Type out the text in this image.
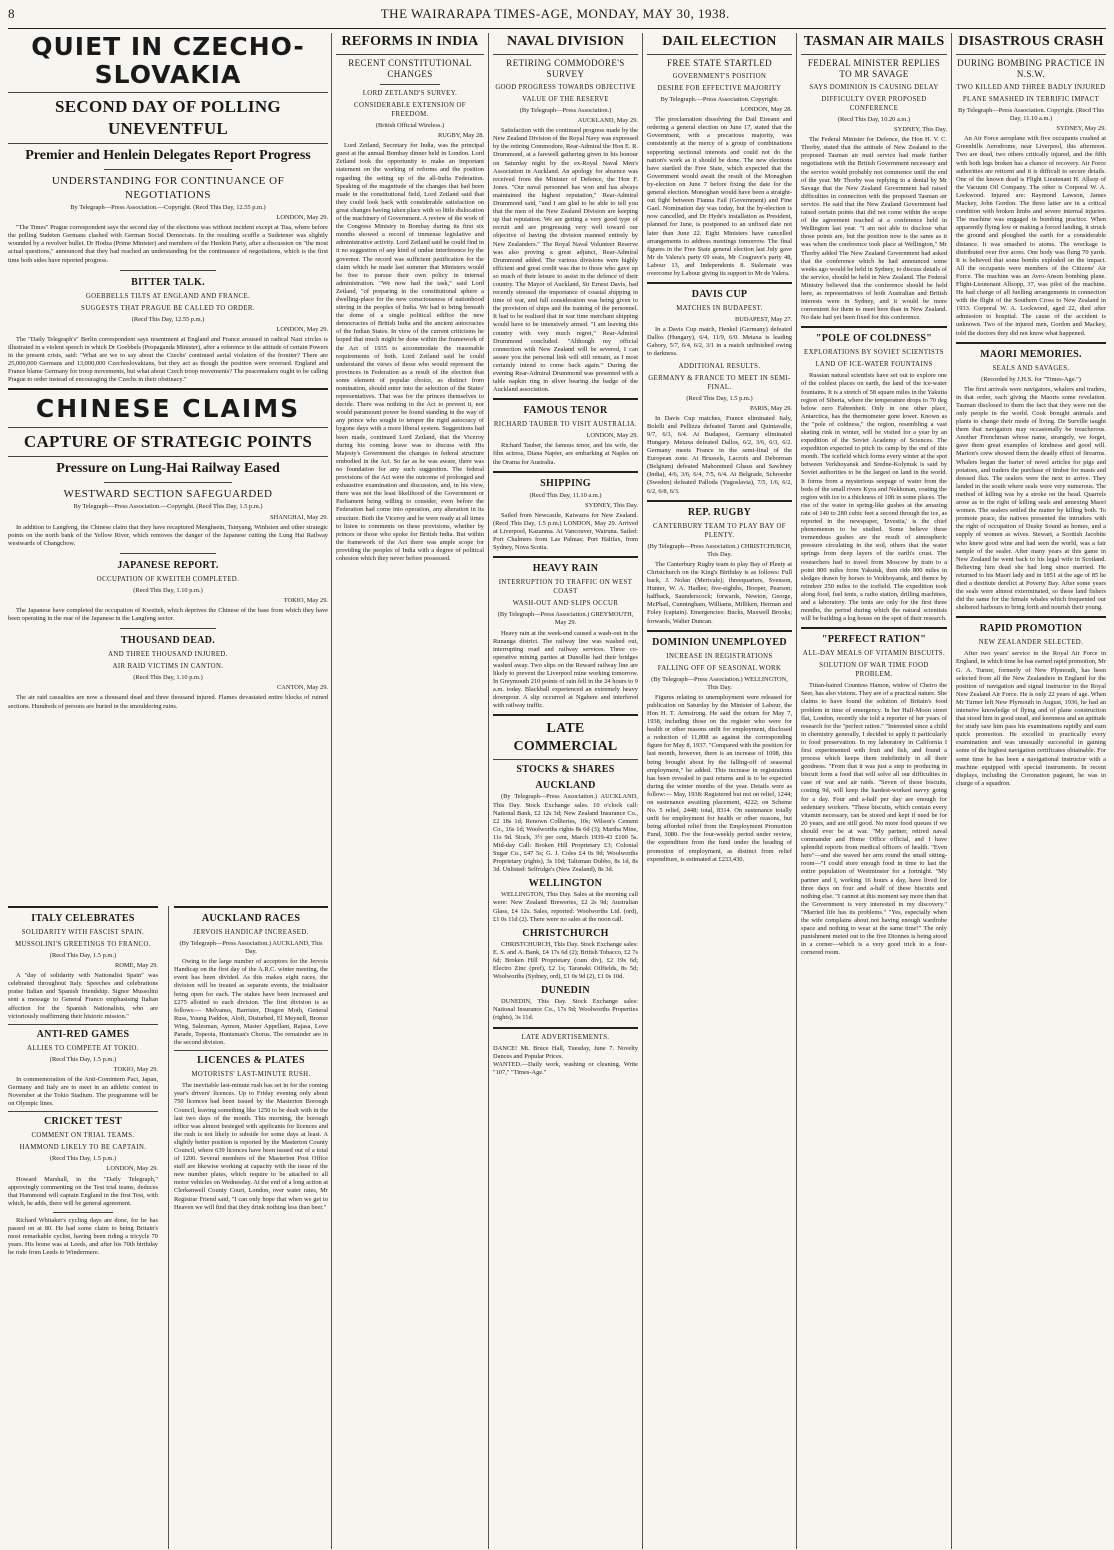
8	THE WAIRARAPA TIMES-AGE, MONDAY, MAY 30, 1938.
QUIET IN CZECHO-SLOVAKIA
SECOND DAY OF POLLING UNEVENTFUL
Premier and Henlein Delegates Report Progress
UNDERSTANDING FOR CONTINUANCE OF NEGOTIATIONS
By Telegraph—Press Association.—Copyright. (Recd This Day, 12.55 p.m.)
LONDON, May 29.

"The Times" Prague correspondent says the second day of the elections was without incident except at Tisa, where before the polling Sudeten Germans clashed with German Social Democrats. In the resulting scuffle a Sudetener was slightly wounded by a revolver bullet. Dr Hodza (Prime Minister) and members of the Henlein Party, after a discussion on "the most actual questions," announced that they had reached an understanding for the continuance of negotiations, which is the first time both sides have reported progress.

BITTER TALK.
GOEBBELLS TILTS AT ENGLAND AND FRANCE.
SUGGESTS THAT PRAGUE BE CALLED TO ORDER.
(Recd This Day, 12.55 p.m.)
LONDON, May 29.

The "Daily Telegraph's" Berlin correspondent says resentment at England and France aroused in radical Nazi circles is illustrated in a violent speech in which Dr Goebbels (Propaganda Minister), after a reference to the attitude of certain Powers in the present crisis, said: "What are we to say about the Czechs' continued aerial violation of the frontier? There are 25,000,000 Germans and 13,000,000 Czechoslovakians, but they act as though the position were reversed. England and France blame Germany for troop movements, but what about Czech troop movements? The peacemakers ought to be calling Prague to order instead of encouraging the Czechs in their obstinacy."

CHINESE CLAIMS
CAPTURE OF STRATEGIC POINTS
Pressure on Lung-Hai Railway Eased
WESTWARD SECTION SAFEGUARDED
By Telegraph—Press Association.—Copyright. (Recd This Day, 1.5 p.m.)
SHANGHAI, May 29.

In addition to Langfeng, the Chinese claim that they have recaptured Menghsein, Tsinyang, Winhsien and other strategic points on the north bank of the Yellow River, which removes the danger of the Japanese cutting the Lung Hai Railway westwards of Changchow.

JAPANESE REPORT.
OCCUPATION OF KWEITEH COMPLETED.
(Recd This Day, 1.10 p.m.)
TOKIO, May 29.

The Japanese have completed the occupation of Kweiteh, which deprives the Chinese of the base from which they have been operating in the rear of the Japanese in the Langfeng sector.

THOUSAND DEAD.
AND THREE THOUSAND INJURED.
AIR RAID VICTIMS IN CANTON.
(Recd This Day, 1.10 p.m.)
CANTON, May 29.

The air raid casualties are now a thousand dead and three thousand injured. Flames devastated entire blocks of ruined sections. Hundreds of persons are buried in the smouldering ruins.

ITALY CELEBRATES
SOLIDARITY WITH FASCIST SPAIN.
MUSSOLINI'S GREETINGS TO FRANCO.
(Recd This Day, 1.5 p.m.)
ROME, May 29.

A "day of solidarity with Nationalist Spain" was celebrated throughout Italy. Speeches and celebrations praise Italian and Spanish friendship. Signor Mussolini sent a message to General Franco emphasising Italian affection for the Spanish Nationalists, who are victoriously reaffirming their historic mission."

ANTI-RED GAMES
ALLIES TO COMPETE AT TOKIO.
(Recd This Day, 1.5 p.m.)
TOKIO, May 29.

In commemoration of the Anti-Comintern Pact, Japan, Germany and Italy are to meet in an athletic contest in November at the Tokio Stadium. The programme will be on Olympic lines.

CRICKET TEST
COMMENT ON TRIAL TEAMS.
HAMMOND LIKELY TO BE CAPTAIN.
(Recd This Day, 1.5 p.m.)
LONDON, May 29.

Howard Marshall, in the "Daily Telegraph," approvingly commenting on the Test trial teams, deduces that Hammond will captain England in the first Test, with which, he adds, there will be general agreement.

Richard Whitaker's cycling days are done, for he has passed on at 80. He had some claim to being Britain's most remarkable cyclist, having been riding a tricycle 70 years. His home was at Leeds, and after his 70th birthday he rode from Leeds to Windermere.

AUCKLAND RACES
JERVOIS HANDICAP INCREASED.
(By Telegraph—Press Association.) AUCKLAND, This Day.

Owing to the large number of acceptors for the Jervois Handicap on the first day of the A.R.C. winter meeting, the event has been divided. As this makes eight races, the division will be treated as separate events, the totalisator being open for each. The stakes have been increased and £275 allotted to each division. The first division is as follows:— Melvanus, Barrister, Dragon Moth, General Russ, Young Paddon, Aloft, Disturbed, El Meynell, Bronze Wing, Salesman, Aymon, Master Appellant, Rajasa, Love Parade, Topeota, Huntsman's Chorus. The remainder are in the second division.

LICENCES & PLATES
MOTORISTS' LAST-MINUTE RUSH.

The inevitable last-minute rush has set in for the coming year's drivers' licences. Up to Friday evening only about 750 licences had been issued by the Masterton Borough Council, leaving something like 1250 to be dealt with in the last two days of the month. This morning, the borough office was almost besieged with applicants for licences and the rush is not likely to subside for some days at least. A slightly better position is reported by the Masterton County Council, where 639 licences have been issued out of a total of 1200. Several members of the Masterton Post Office staff are likewise working at capacity with the issue of the new number plates, which require to be attached to all motor vehicles on Wednesday. At the end of a long action at Clerkenwell County Court, London, over water rates, Mr Registrar Friend said, "I can only hope that when we get to Heaven we will find that they drink nothing less than beer."

REFORMS IN INDIA
RECENT CONSTITUTIONAL CHANGES
LORD ZETLAND'S SURVEY.
CONSIDERABLE EXTENSION OF FREEDOM.
(British Official Wireless.)
RUGBY, May 28.

Lord Zetland, Secretary for India, was the principal guest at the annual Bombay dinner held in London. Lord Zetland took the opportunity to make an important statement on the working of reforms and the position regarding the setting up of the all-India Federation. Speaking of the magnitude of the changes that had been made in the constitutional field, Lord Zetland said that they could look back with considerable satisfaction on great changes having taken place with so little dislocation of the machinery of Government. A review of the work of the Congress Ministry in Bombay during its first six months showed a record of immense legislative and administrative activity. Lord Zetland said he could find in it no suggestion of any kind of undue interference by the governor. The record was sufficient justification for the claim which he made last summer that Ministers would be free to pursue their own policy in internal administration. "We now had the task," said Lord Zetland, "of preparing in the constitutional sphere a dwelling-place for the new consciousness of nationhood stirring in the peoples of India. We had to bring beneath the dome of a single political edifice the new democracies of British India and the ancient autocracies of the Indian States. In view of the current criticisms he hoped that much might be done within the framework of the Act of 1935 to accommodate the reasonable requirements of both. Lord Zetland said he could understand the views of those who would represent the provinces in Federation as a result of the election that some element of popular choice, as distinct from nomination, should enter into the selection of the States' representatives. That was for the princes themselves to decide. There was nothing in the Act to prevent it, nor would paramount power be found standing in the way of any prince who sought to temper the rigid autocracy of bygone days with a more liberal system. Suggestions had been made, continued Lord Zetland, that the Viceroy during his coming leave was to discuss with His Majesty's Government the changes in federal structure embodied in the Act. So far as he was aware, there was no foundation for any such suggestion. The federal provisions of the Act were the outcome of prolonged and exhaustive examination and discussion, and, in his view, there was not the least likelihood of the Government or Parliament being willing to consider, even before the Federation had come into operation, any alteration in its structure. Both the Viceroy and he were ready at all times to listen to comments on these provisions, whether by princes or those who spoke for British India. But within the framework of the Act there was ample scope for providing the peoples of India with a degree of political cohesion which they never before possessed.

NAVAL DIVISION
RETIRING COMMODORE'S SURVEY
GOOD PROGRESS TOWARDS OBJECTIVE
VALUE OF THE RESERVE
(By Telegraph—Press Association.)
AUCKLAND, May 29.

Satisfaction with the continued progress made by the New Zealand Division of the Royal Navy was expressed by the retiring Commodore, Rear-Admiral the Hon E. R. Drummond, at a farewell gathering given in his honour on Saturday night by the ex-Royal Naval Men's Association in Auckland. An apology for absence was received from the Minister of Defence, the Hon F. Jones. "Our naval personnel has won and has always maintained the highest reputation," Rear-Admiral Drummond said, "and I am glad to be able to tell you that the men of the New Zealand Division are keeping up that reputation. We are getting a very good type of recruit and are progressing very well toward our objective of having the division manned entirely by New Zealanders." The Royal Naval Volunteer Reserve was also proving a great adjunct, Rear-Admiral Drummond added. The various divisions were highly efficient and great credit was due to those who gave up so much of their leisure to assist in the defence of their country. The Mayor of Auckland, Sir Ernest Davis, had recently stressed the importance of coastal shipping in time of war, and full consideration was being given to the provision of ships and the training of the personnel. It had to be realised that in war time merchant shipping would have to be intensively armed. "I am leaving this country with very much regret," Rear-Admiral Drummond concluded. "Although my official connection with New Zealand will be severed, I can assure you the personal link will still remain, as I most certainly intend to come back again." During the evening Rear-Admiral Drummond was presented with a table napkin ring in silver bearing the badge of the Auckland association.

FAMOUS TENOR
RICHARD TAUBER TO VISIT AUSTRALIA.
LONDON, May 29.

Richard Tauber, the famous tenor, and his wife, the film actress, Diana Napier, are embarking at Naples on the Orama for Australia.

SHIPPING
(Recd This Day, 11.10 a.m.)
SYDNEY, This Day.

Sailed from Newcastle, Kaiwarra for New Zealand. (Recd This Day, 1.5 p.m.) LONDON, May 29. Arrived at Liverpool, Kazanma. At Vancouver, Wairuna. Sailed: Port Chalmers from Las Palmas; Port Halifax, from Sydney, Nova Scotia.

HEAVY RAIN
INTERRUPTION TO TRAFFIC ON WEST COAST
WASH-OUT AND SLIPS OCCUR
(By Telegraph—Press Association.) GREYMOUTH, May 29.

Heavy rain at the week-end caused a wash-out in the Runanga district. The railway line was washed out, interrupting road and railway services. Three co-operative mining parties at Dunollie had their bridges washed away. Two slips on the Reward railway line are likely to prevent the Liverpool mine working tomorrow. In Greymouth 210 points of rain fell in the 24 hours to 9 a.m. today. Blackball experienced an extremely heavy downpour. A slip occurred at Ngahere and interfered with railway traffic.

LATE COMMERCIAL
STOCKS & SHARES
AUCKLAND

(By Telegraph—Press Association.) AUCKLAND, This Day. Stock Exchange sales. 10 o'clock call: National Bank, £2 12s 3d; New Zealand Insurance Co., £2 18s 1d; Renown Collieries, 10s; Wilson's Cement Co., 16s 1d; Woolworths rights 8s 6d (3); Martha Mine, 11s 9d. Stock, 3½ per cent, March 1939-43 £100 5s. Mid-day Call: Broken Hill Proprietary £3; Colonial Sugar Co., £47 5s; G. J. Coles £4 0s 9d; Woolworths Proprietary (rights), 3s 10d; Talisman Dubbo, 8s 1d, 8s 3d. Unlisted: Selfridge's (New Zealand), 8s 3d.

WELLINGTON

WELLINGTON, This Day. Sales at the morning call were: New Zealand Breweries, £2 2s 9d; Australian Glass, £4 12s. Sales, reported: Woolworths Ltd. (ord), £1 0s 11d (2). There were no sales at the noon call.

CHRISTCHURCH

CHRISTCHURCH, This Day. Stock Exchange sales: E. S. and A. Bank, £4 17s 6d (2); British Tobacco, £2 7s 6d; Broken Hill Proprietary (cum div), £2 19s 6d; Electro Zinc (pref), £2 1s; Taranaki Oilfields, 8s 5d; Woolworths (Sydney, ord), £1 0s 9d (2), £1 0s 10d.

DUNEDIN

DUNEDIN, This Day. Stock Exchange sales: National Insurance Co., 17s 9d; Woolworths Properties (rights), 3s 11d.

LATE ADVERTISEMENTS.

DANCE! Mt. Bruce Hall, Tuesday, June 7. Novelty Dances and Popular Prices.

WANTED.—Daily work, washing or cleaning. Write "107," "Times-Age."

DAIL ELECTION
FREE STATE STARTLED
GOVERNMENT'S POSITION
DESIRE FOR EFFECTIVE MAJORITY
By Telegraph.—Press Association. Copyright.
LONDON, May 28.

The proclamation dissolving the Dail Eireann and ordering a general election on June 17, stated that the Government, with a precarious majority, was consistently at the mercy of a group of combinations supporting sectional interests and could not do the nation's work as it should be done. The new elections have startled the Free State, which expected that the Government would await the result of the Monaghan by-election on June 7 before fixing the date for the general election. Monoghan would have been a straight-out fight between Fianna Fail (Government) and Fine Gael. Nomination day was today, but the by-election is now cancelled, and Dr Hyde's installation as President, planned for June, is postponed to an unfixed date not later than June 22. Eight Ministers have cancelled arrangements to address meetings tomorrow. The final figures in the Free State general election last July gave Mr de Valera's party 69 seats, Mr Cosgrave's party 48, Labour 13, and Independents 8. Stalemate was overcome by Labour giving its support to Mr de Valera.

DAVIS CUP
MATCHES IN BUDAPEST.
BUDAPEST, May 27.

In a Davis Cup match, Henkel (Germany) defeated Dallos (Hungary), 6/4, 11/9, 6/0. Metaxa is leading Gabory, 5/7, 6/4, 6/2, 3/1 in a match unfinished owing to darkness.

ADDITIONAL RESULTS.
GERMANY & FRANCE TO MEET IN SEMI-FINAL.
(Recd This Day, 1.5 p.m.)
PARIS, May 29.

In Davis Cup matches, France eliminated Italy, Bolelli and Pellizza defeated Taroni and Quintavalle, 9/7, 6/3, 6/4. At Budapest, Germany eliminated Hungary. Metaxa defeated Dallos, 6/2, 3/6, 6/3, 6/2. Germany meets France in the semi-final of the European zone. At Brussels, Lacroix and Deborman (Belgium) defeated Mahommed Ghaus and Sawhney (India), 4/6, 3/6, 6/4, 7/5, 6/4. At Belgrade, Schroeder (Sweden) defeated Palloda (Yugoslavia), 7/5, 1/6, 6/2, 6/2, 6/8, 6/3.

REP. RUGBY
CANTERBURY TEAM TO PLAY BAY OF PLENTY.
(By Telegraph—Press Association.) CHRISTCHURCH, This Day.

The Canterbury Rugby team to play Bay of Plenty at Christchurch on the King's Birthday is as follows: Full back, J. Nolan (Merivale); threequarters, Svenson, Hunter, W. A. Hadlee; five-eighths, Hooper, Pearson; halfback, Saunderscock; forwards, Newton, George, McPhail, Cunningham, Williams, Milliken, Herman and Foley (captain). Emergencies: Bucks, Maxwell Brooks; forwards, Walter Duncan.

DOMINION UNEMPLOYED
INCREASE IN REGISTRATIONS
FALLING OFF OF SEASONAL WORK
(By Telegraph—Press Association.) WELLINGTON, This Day.

Figures relating to unemployment were released for publication on Saturday by the Minister of Labour, the Hon H. T. Armstrong. He said the return for May 7, 1938, including those on the register who were for health or other reasons unfit for employment, disclosed a reduction of 11,808 as against the corresponding figure for May 8, 1937. "Compared with the position for last month, however, there is an increase of 1098, this being brought about by the falling-off of seasonal employment," he added. This increase in registrations has been revealed in past returns and is to be expected during the winter months of the year. Details were as follow:— May, 1938: Registered but not on relief, 1244; on sustenance awaiting placement, 4222; on Scheme No. 5 relief, 2448; total, 8314. On sustenance totally unfit for employment for health or other reasons, but being afforded relief from the Employment Promotion Fund, 3080. For the four-weekly period under review, the expenditure from the fund under the heading of promotion of employment, as distinct from relief expenditure, is estimated at £233,430.

TASMAN AIR MAILS
FEDERAL MINISTER REPLIES TO MR SAVAGE
SAYS DOMINION IS CAUSING DELAY
DIFFICULTY OVER PROPOSED CONFERENCE
(Recd This Day, 10.20 a.m.)
SYDNEY, This Day.

The Federal Minister for Defence, the Hon H. V. C. Thorby, stated that the attitude of New Zealand to the proposed Tasman air mail service had made further negotiations with the British Government necessary and the service would probably not commence until the end of the year. Mr Thorby was replying to a denial by Mr Savage that the New Zealand Government had raised difficulties in connection with the proposed Tasman air service. He said that the New Zealand Government had raised certain points that did not come within the scope of the agreement reached at a conference held in Wellington last year. "I am not able to disclose what those points are, but the position now is the same as it was when the conference took place at Wellington," Mr Thorby added The New Zealand Government had asked that the conference which he had announced some weeks ago would be held in Sydney, to discuss details of the service, should be held in New Zealand. The Federal Ministry believed that the conference should be held here, as representatives of both Australian and British interests were in Sydney, and it would be more convenient for them to meet here than in New Zealand. No date had yet been fixed for this conference.

"POLE OF COLDNESS"
EXPLORATIONS BY SOVIET SCIENTISTS
LAND OF ICE-WATER FOUNTAINS

Russian natural scientists have set out to explore one of the coldest places on earth, the land of the ice-water fountains. It is a stretch of 58 square miles in the Yakutia region of Siberia, where the temperature drops to 70 deg below zero Fahrenheit. Only in one other place, Antarctica, has the thermometer gone lower. Known as the "pole of coldness," the region, resembling a vast skating rink in winter, will be visited for a year by an expedition of the Soviet Academy of Sciences. The expedition expected to pitch its camp by the end of this month. The icefield which forms every winter at the spot between Verkhoyansk and Sredne-Kolymsk is said by Soviet authorities to be the largest on land in the world. It forms from a mysterious seepage of water from the beds of the small rivers Kyra and Nekhonan, coating the region with ice to a thickness of 10ft in some places. The rise of the water in spring-like gushes at the amazing rate of 140 to 280 cubic feet a second through the ice, as reported in the newspaper, 'Izvestia,' is the chief phenomenon to be studied. Some believe these tremendous gushes are the result of atmospheric pressure circulating in the soil, others that the water springs from deep layers of the earth's crust. The researchers had to travel from Moscow by train to a point 800 miles from Yakutsk, then ride 800 miles in sledges drawn by horses to Verkhoyansk, and thence by reindeer 250 miles to the icefield. The expedition took along food, fuel tents, a radio station, drilling machines, and a laboratory. The tents are only for the first three months, the period during which the natural scientists will be building a log house on the spot of their research.

"PERFECT RATION"
ALL-DAY MEALS OF VITAMIN BISCUITS.
SOLUTION OF WAR TIME FOOD PROBLEM.

Titian-haired Countess Hamon, widow of Cheiro the Seer, has also visions. They are of a practical nature. She claims to have found the solution of Britain's food problem in time of emergency. In her Half-Moon street flat, London, recently she told a reporter of her years of research for the "perfect ration." "Interested since a child in chemistry generally, I decided to apply it particularly to food preservation. In my laboratory in California I first experimented with fruit and fish, and found a process which keeps them indefinitely in all their goodness. "From that it was just a step to producing in biscuit form a food that will solve all our difficulties in case of war and air raids. "Seven of these biscuits, costing 9d, will keep the hardest-worked navvy going for a day. Four and a-half per day are enough for sedentary workers. "These biscuits, which contain every vitamin necessary, can be stored and kept if need be for 20 years, and are still good. No more food queues if we should ever be at war. "My partner, retired naval commander and Home Office official, and I have splendid reports from medical officers of health. "Even here"—and she waved her arm round the small sitting-room—"I could store enough food in time to last the entire population of Westminster for a fortnight. "My partner and I, working 16 hours a day, have lived for three days on four and a-half of these biscuits and nothing else. "I cannot at this moment say more than that the Government is very interested in my discovery." "Married life has its problems." "Yes, especially when the wife complains about not having enough wardrobe space and nothing to wear at the same time!" The only punishment meted out to the five Dionnes is being stood in a corner—which is a very good trick in a four-cornered room.

DISASTROUS CRASH
DURING BOMBING PRACTICE IN N.S.W.
TWO KILLED AND THREE BADLY INJURED
PLANE SMASHED IN TERRIFIC IMPACT
By Telegraph—Press Association. Copyright. (Recd This Day, 11.10 a.m.)
SYDNEY, May 29.

An Air Force aeroplane with five occupants crashed at Greenhills Aerodrome, near Liverpool, this afternoon. Two are dead, two others critically injured, and the fifth with both legs broken has a chance of recovery. Air Force authorities are reticent and it is difficult to secure details. One of the known dead is Flight Lieutenant H. Allsop of the Vacuum Oil Company. The other is Corporal W. A. Lockwood. Injured are: Raymond Lawson, James Mackey, John Gordon. The three latter are in a critical condition with broken limbs and severe internal injuries. The machine was engaged in bombing practice. When apparently flying low or making a forced landing, it struck the ground and ploughed the earth for a considerable distance. It was smashed to atoms. The wreckage is distributed over five acres. One body was flung 70 yards. It is believed that some bombs exploded on the impact. All the occupants were members of the Citizens' Air Force. The machine was an Avro-Anson bombing plane. Flight-Lieutenant Allsopp, 37, was pilot of the machine. He had charge of all fuelling arrangements in connection with the flight of the Southern Cross to New Zealand in 1933. Corporal W. A. Lockwood, aged 22, died after admission to hospital. The cause of the accident is unknown. Two of the injured men, Gordon and Mackey, told the doctors they did not know what happened.

MAORI MEMORIES.
SEALS AND SAVAGES.
(Recorded by J.H.S. for "Times-Age.")

The first arrivals were navigators, whalers and traders, in that order, each giving the Maoris some revelation. Tasman disclosed to them the fact that they were not the only people in the world. Cook brought animals and plants to change their mode of living. De Surville taught them that navigators may occasionally be treacherous. Another Frenchman whose name, strangely, we forget, gave them great examples of kindness and good will. Marion's crew showed them the deadly effect of firearms. Whalers began the barter of novel articles for pigs and potatoes, and traders the purchase of timber for masts and dressed flax. The sealers were the next to arrive. They landed in the south where seals were very numerous. The method of killing was by a stroke on the head. Quarrels arose as to the right of killing seals and annexing Maori women. The sealers settled the matter by killing both. To promote peace, the natives presented the intruders with the right of occupation of Dusky Sound as homes, and a supply of women as wives. Stewart, a Scottish Jacobite who knew good wine and had seen the world, was a fair sample of the sealer. After many years at this game in New Zealand he went back to his legal wife in Scotland. Believing him dead she had long since married. He returned to his Maori lady and in 1851 at the age of 85 he died a destitute derelict at Poverty Bay. After some years the seals were almost exterminated, so these land fishers did the same for the female whales which frequented our sheltered harbours to bring forth and nourish their young.

RAPID PROMOTION
NEW ZEALANDER SELECTED.

After two years' service in the Royal Air Force in England, in which time he has earned rapid promotion, Mr G. A. Turner, formerly of New Plymouth, has been selected from all the New Zealanders in England for the position of navigation and signal instructor in the Royal New Zealand Air Force. He is only 22 years of age. When Mr Turner left New Plymouth in August, 1936, he had an intensive knowledge of flying and of plane construction that stood him in good stead, and keenness and an aptitude for study saw him pass his examinations rapidly and earn quick promotion. He excelled in practically every examination and was unusually successful in gaining some of the highest navigation certificates obtainable. For some time he has been a navigational instructor with a machine equipped with special instruments. In recent displays, including the Coronation pageant, he was in charge of a squadron.
